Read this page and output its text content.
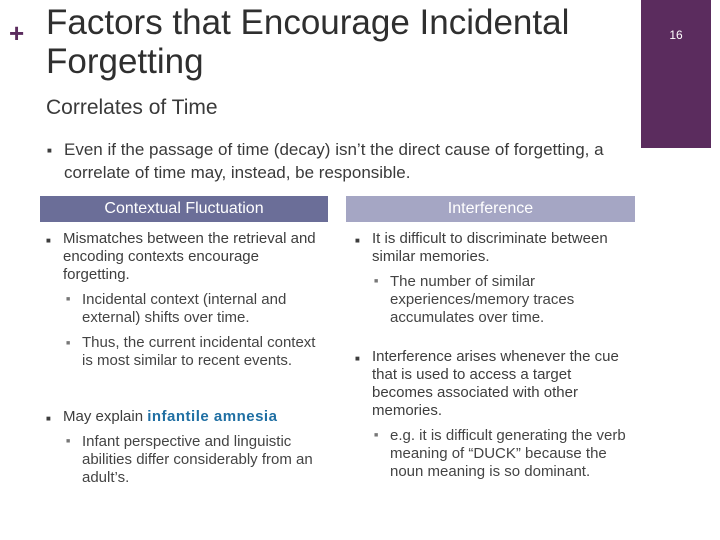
+ Factors that Encourage Incidental Forgetting
16
Correlates of Time
■ Even if the passage of time (decay) isn’t the direct cause of forgetting, a correlate of time may, instead, be responsible.
Contextual Fluctuation
■ Mismatches between the retrieval and encoding contexts encourage forgetting.
■ Incidental context (internal and external) shifts over time.
■ Thus, the current incidental context is most similar to recent events.
■ May explain infantile amnesia
■ Infant perspective and linguistic abilities differ considerably from an adult’s.
Interference
■ It is difficult to discriminate between similar memories.
■ The number of similar experiences/memory traces accumulates over time.
■ Interference arises whenever the cue that is used to access a target becomes associated with other memories.
■ e.g. it is difficult generating the verb meaning of “DUCK” because the noun meaning is so dominant.
